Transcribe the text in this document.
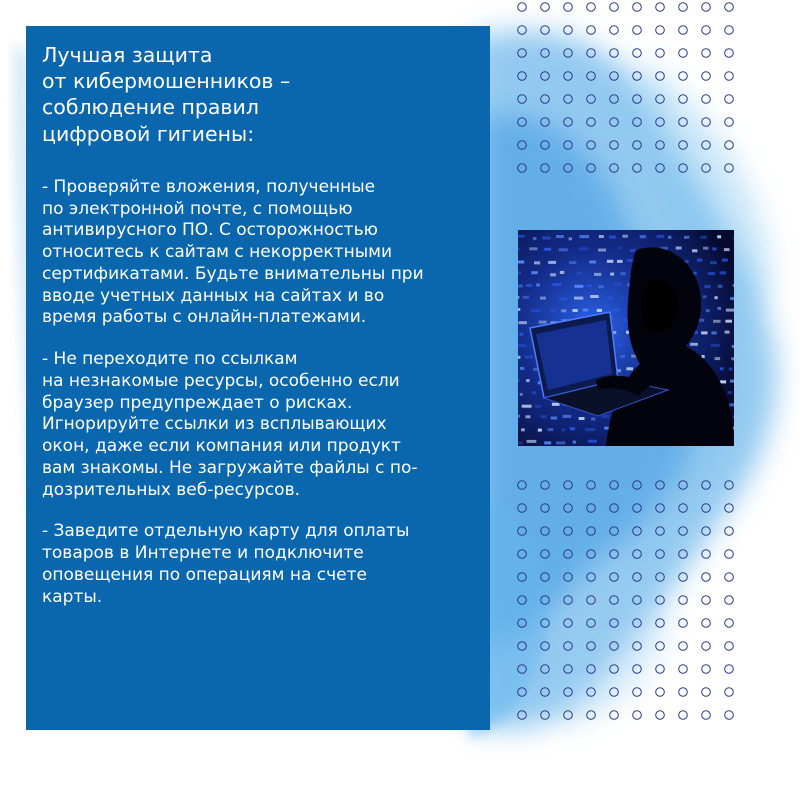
Лучшая защита
от кибермошенников –
соблюдение правил
цифровой гигиены:

- Проверяйте вложения, полученные
по электронной почте, с помощью
антивирусного ПО. С осторожностью
относитесь к сайтам с некорректными
сертификатами. Будьте внимательны при
вводе учетных данных на сайтах и во
время работы с онлайн-платежами.

- Не переходите по ссылкам
на незнакомые ресурсы, особенно если
браузер предупреждает о рисках.
Игнорируйте ссылки из всплывающих
окон, даже если компания или продукт
вам знакомы. Не загружайте файлы с по-
дозрительных веб-ресурсов.

- Заведите отдельную карту для оплаты
товаров в Интернете и подключите
оповещения по операциям на счете
карты.
